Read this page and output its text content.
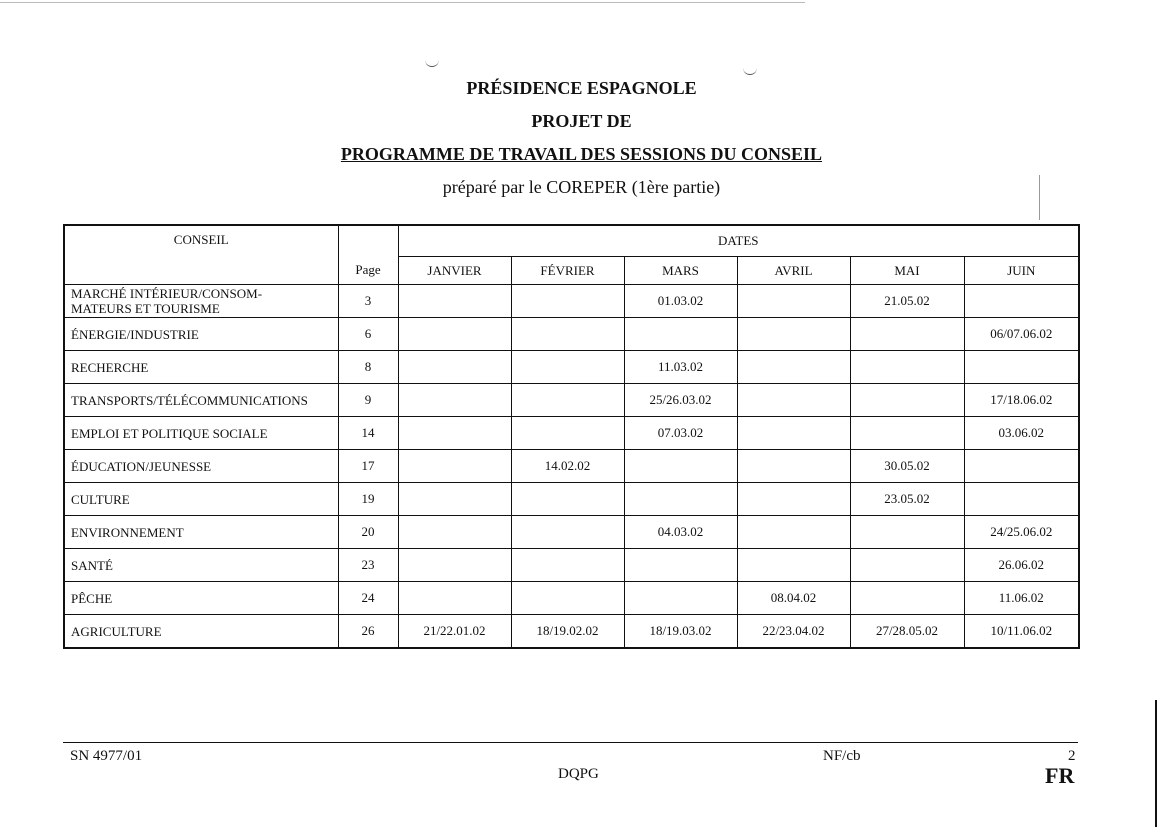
PRÉSIDENCE ESPAGNOLE
PROJET DE
PROGRAMME DE TRAVAIL DES SESSIONS DU CONSEIL
préparé par le COREPER (1ère partie)
CONSEIL	Page	DATES					
		JANVIER	FÉVRIER	MARS	AVRIL	MAI	JUIN
MARCHÉ INTÉRIEUR/CONSOM-
MATEURS ET TOURISME	3			01.03.02		21.05.02	
ÉNERGIE/INDUSTRIE	6						06/07.06.02
RECHERCHE	8			11.03.02			
TRANSPORTS/TÉLÉCOMMUNICATIONS	9			25/26.03.02			17/18.06.02
EMPLOI ET POLITIQUE SOCIALE	14			07.03.02			03.06.02
ÉDUCATION/JEUNESSE	17		14.02.02			30.05.02	
CULTURE	19					23.05.02	
ENVIRONNEMENT	20			04.03.02			24/25.06.02
SANTÉ	23						26.06.02
PÊCHE	24				08.04.02		11.06.02
AGRICULTURE	26	21/22.01.02	18/19.02.02	18/19.03.02	22/23.04.02	27/28.05.02	10/11.06.02
SN 4977/01	NF/cb	2
DQPG	FR
